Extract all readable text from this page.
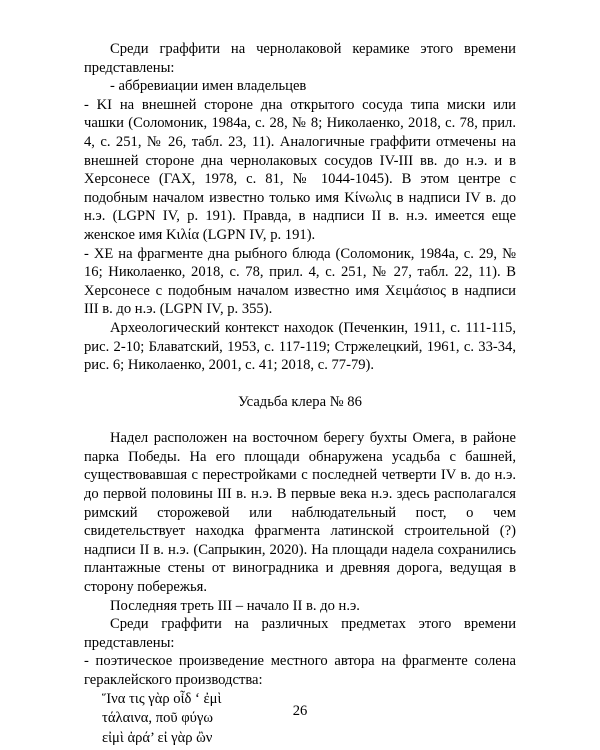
Среди граффити на чернолаковой керамике этого времени представлены:

- аббревиации имен владельцев

- KI на внешней стороне дна открытого сосуда типа миски или чашки (Соломоник, 1984а, с. 28, № 8; Николаенко, 2018, с. 78, прил. 4, с. 251, № 26, табл. 23, 11). Аналогичные граффити отмечены на внешней стороне дна чернолаковых сосудов IV-III вв. до н.э. и в Херсонесе (ГАХ, 1978, с. 81, № 1044-1045). В этом центре с подобным началом известно только имя Κίνωλις в надписи IV в. до н.э. (LGPN IV, p. 191). Правда, в надписи II в. н.э. имеется еще женское имя Κιλία (LGPN IV, p. 191).

- XE на фрагменте дна рыбного блюда (Соломоник, 1984а, с. 29, № 16; Николаенко, 2018, с. 78, прил. 4, с. 251, № 27, табл. 22, 11). В Херсонесе с подобным началом известно имя Χειμάσιος в надписи III в. до н.э. (LGPN IV, p. 355).

Археологический контекст находок (Печенкин, 1911, с. 111-115, рис. 2-10; Блаватский, 1953, с. 117-119; Стржелецкий, 1961, с. 33-34, рис. 6; Николаенко, 2001, с. 41; 2018, с. 77-79).

Усадьба клера № 86

Надел расположен на восточном берегу бухты Омега, в районе парка Победы. На его площади обнаружена усадьба с башней, существовавшая с перестройками с последней четверти IV в. до н.э. до первой половины III в. н.э. В первые века н.э. здесь располагался римский сторожевой или наблюдательный пост, о чем свидетельствует находка фрагмента латинской строительной (?) надписи II в. н.э. (Сапрыкин, 2020). На площади надела сохранились плантажные стены от виноградника и древняя дорога, ведущая в сторону побережья.

Последняя треть III – начало II в. до н.э.

Среди граффити на различных предметах этого времени представлены:

- поэтическое произведение местного автора на фрагменте солена гераклейского производства:

Ἵνα τις γὰρ οἶδ ‘ ἐμὶ

τάλαινα, ποῦ φύγω

εἰμὶ ἀρά’ εἰ γὰρ ὢν

26
